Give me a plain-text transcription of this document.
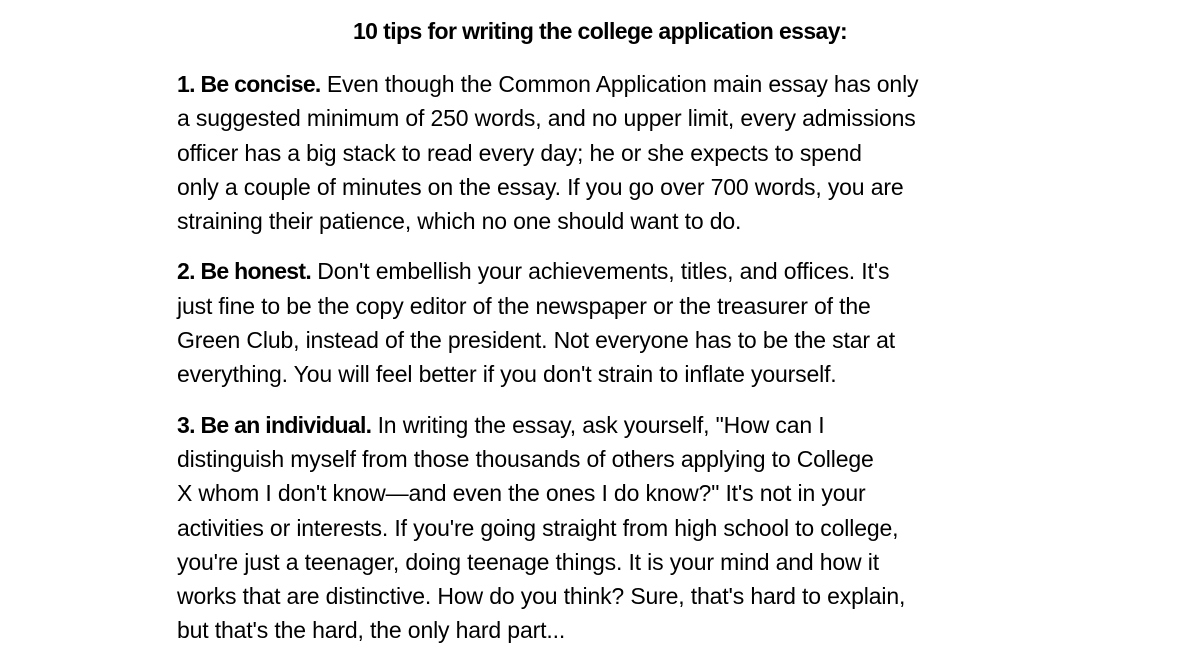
10 tips for writing the college application essay:

1. Be concise. Even though the Common Application main essay has only
a suggested minimum of 250 words, and no upper limit, every admissions
officer has a big stack to read every day; he or she expects to spend
only a couple of minutes on the essay. If you go over 700 words, you are
straining their patience, which no one should want to do.

2. Be honest. Don't embellish your achievements, titles, and offices. It's
just fine to be the copy editor of the newspaper or the treasurer of the
Green Club, instead of the president. Not everyone has to be the star at
everything. You will feel better if you don't strain to inflate yourself.

3. Be an individual. In writing the essay, ask yourself, "How can I
distinguish myself from those thousands of others applying to College
X whom I don't know—and even the ones I do know?" It's not in your
activities or interests. If you're going straight from high school to college,
you're just a teenager, doing teenage things. It is your mind and how it
works that are distinctive. How do you think? Sure, that's hard to explain,
but that's the hard, the only hard part...
